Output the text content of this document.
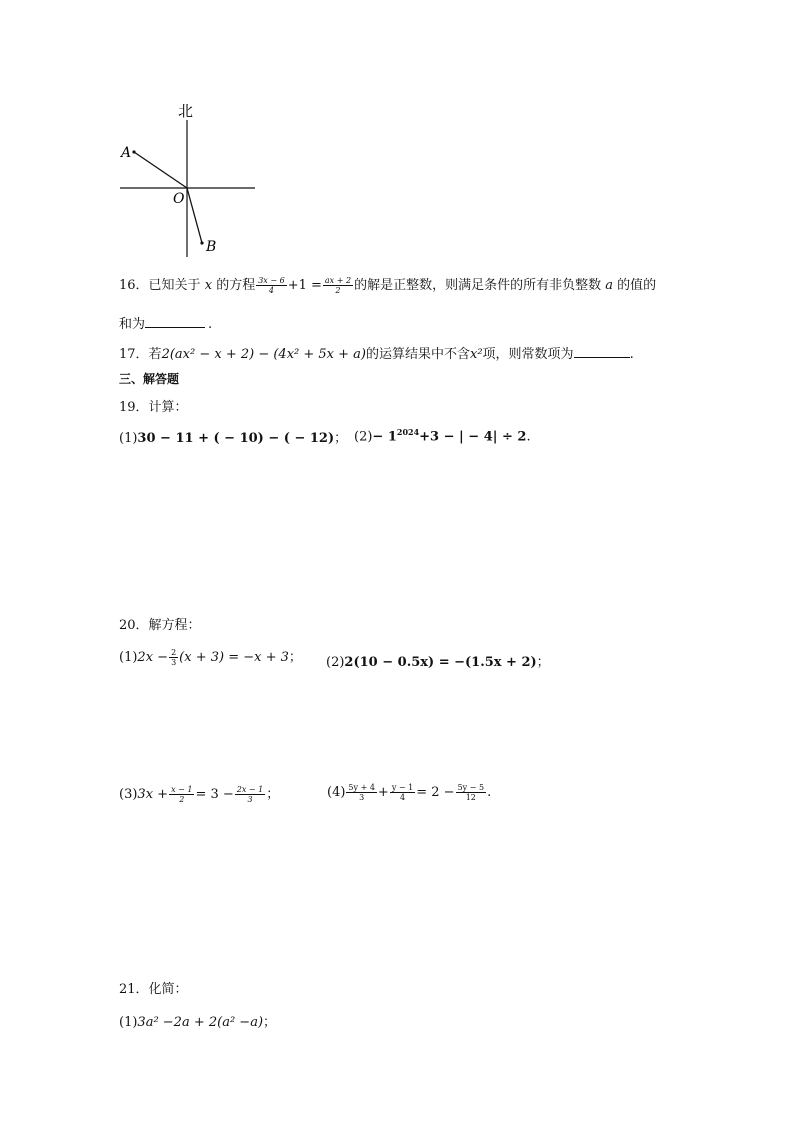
北
A
O
B
16．已知关于 x 的方程 $\frac{3x - 6}{4} +1 = \frac{ax + 2}{2}$ 的解是正整数，则满足条件的所有非负整数 a 的值的
和为	.
17．若2(ax² − x + 2) − (4x² + 5x + a)的运算结果中不含x²项，则常数项为	.
三、解答题
19．计算：
(1)30 − 11 + ( − 10) − ( − 12)； $(2)- 1^{2024}+3$ − | − 4| ÷ 2.
20．解方程：
$(1)2x - \frac{2}{3} (x + 3) = -x + 3$； (2)2(10 − 0.5x) = −(1.5x + 2)；
$(3)3x + \frac{x - 1}{2} = 3 - \frac{2x - 1}{3}$ ；	$(4) \frac{5y + 4}{3} + \frac{y - 1}{4} = 2 - \frac{5y - 5}{12}$ .
21．化简：
(1)3a² −2a + 2(a² −a)；
